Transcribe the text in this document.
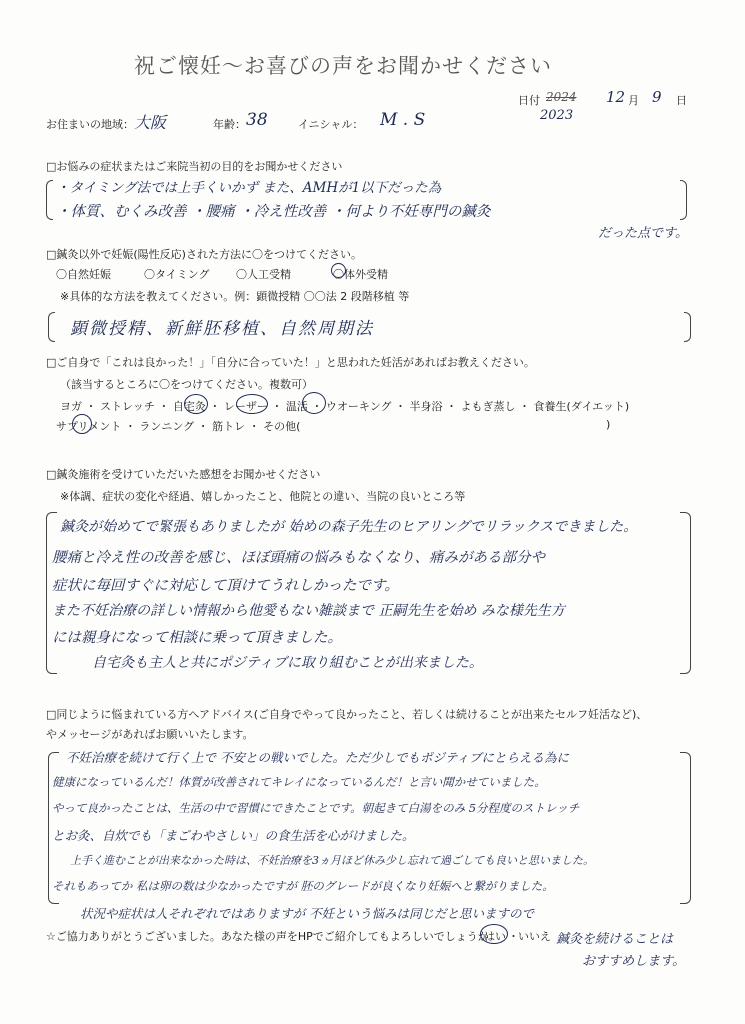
祝ご懐妊〜お喜びの声をお聞かせください
日付 2024 12 月 9 日
2023
お住まいの地域： 大阪	年齢： 38	イニシャル： M . S
□お悩みの症状またはご来院当初の目的をお聞かせください
・タイミング法では上手くいかず また、AMHが1以下だった為
・体質、むくみ改善 ・腰痛 ・冷え性改善 ・何より不妊専門の鍼灸
だった点です。
□鍼灸以外で妊娠(陽性反応)された方法に〇をつけてください。
〇自然妊娠	〇タイミング 〇人工受精	〇体外受精
※具体的な方法を教えてください。例：顕微授精 〇〇法 2 段階移植 等
顕微授精、新鮮胚移植、自然周期法
□ご自身で「これは良かった！」「自分に合っていた！」と思われた妊活があればお教えください。
（該当するところに〇をつけてください。複数可）
ヨガ ・ ストレッチ ・ 自宅灸 ・ レーザー ・ 温活 ・ ウオーキング ・ 半身浴 ・ よもぎ蒸し ・ 食養生(ダイエット)
サプリメント ・ ランニング ・ 筋トレ ・ その他(	)
□鍼灸施術を受けていただいた感想をお聞かせください
※体調、症状の変化や経過、嬉しかったこと、他院との違い、当院の良いところ等
鍼灸が始めてで緊張もありましたが 始めの森子先生のヒアリングでリラックスできました。
腰痛と冷え性の改善を感じ、ほぼ頭痛の悩みもなくなり、痛みがある部分や
症状に毎回すぐに対応して頂けてうれしかったです。
また不妊治療の詳しい情報から他愛もない雑談まで 正嗣先生を始め みな様先生方
には親身になって相談に乗って頂きました。
自宅灸も主人と共にポジティブに取り組むことが出来ました。
□同じように悩まれている方へアドバイス(ご自身でやって良かったこと、若しくは続けることが出来たセルフ妊活など)、
やメッセージがあればお願いいたします。
不妊治療を続けて行く上で 不安との戦いでした。ただ少しでもポジティブにとらえる為に
健康になっているんだ！体質が改善されてキレイになっているんだ！と言い聞かせていました。
やって良かったことは、生活の中で習慣にできたことです。朝起きて白湯をのみ 5分程度のストレッチ
とお灸、自炊でも「まごわやさしい」の食生活を心がけました。
上手く進むことが出来なかった時は、不妊治療を3ヵ月ほど休み少し忘れて過ごしても良いと思いました。
それもあってか 私は卵の数は少なかったですが 胚のグレードが良くなり妊娠へと繋がりました。
状況や症状は人それぞれではありますが 不妊という悩みは同じだと思いますので
鍼灸を続けることは
おすすめします。
☆ご協力ありがとうございました。あなた様の声をHPでご紹介してもよろしいでしょうか
はい ・ いいえ
